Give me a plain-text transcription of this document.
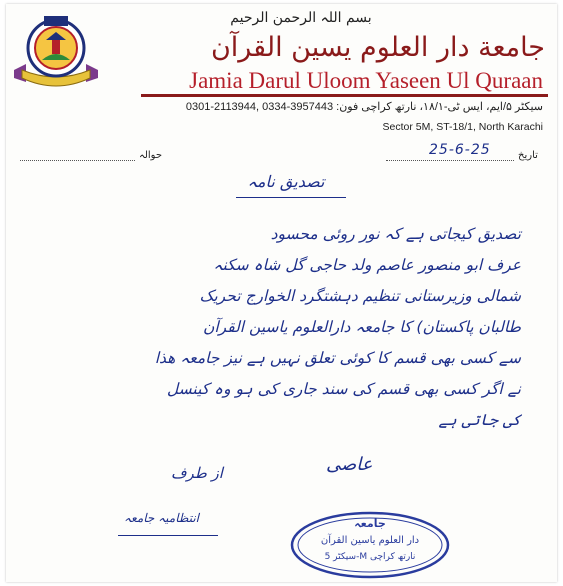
بسم اللہ الرحمن الرحیم
جامعة دار العلوم يسين القرآن
Jamia Darul Uloom Yaseen Ul Quraan
0301-2113944, 0334-3957443 :سیکٹر ۵/ایم، ایس ٹی-۱۸/۱، نارتھ کراچی فون
Sector 5M, ST-18/1, North Karachi
حوالہ	تاریخ
25-6-25
تصدیق نامہ
تصدیق کیجاتی ہے کہ نور روئی محسود
عرف ابو منصور عاصم ولد حاجی گل شاہ سکنہ
شمالی وزیرستانی تنظیم دہشتگرد الخوارج تحریک
طالبان پاکستان) کا جامعہ دارالعلوم یاسین القرآن
سے کسی بھی قسم کا کوئی تعلق نہیں ہے نیز جامعہ ھذا
نے اگر کسی بھی قسم کی سند جاری کی ہو وہ کینسل
کی جاتی ہے
عاصی
از طرف
انتظامیہ جامعہ	جامعہ
دار العلوم یاسین القرآن
سیکٹر 5-M نارتھ کراچی
